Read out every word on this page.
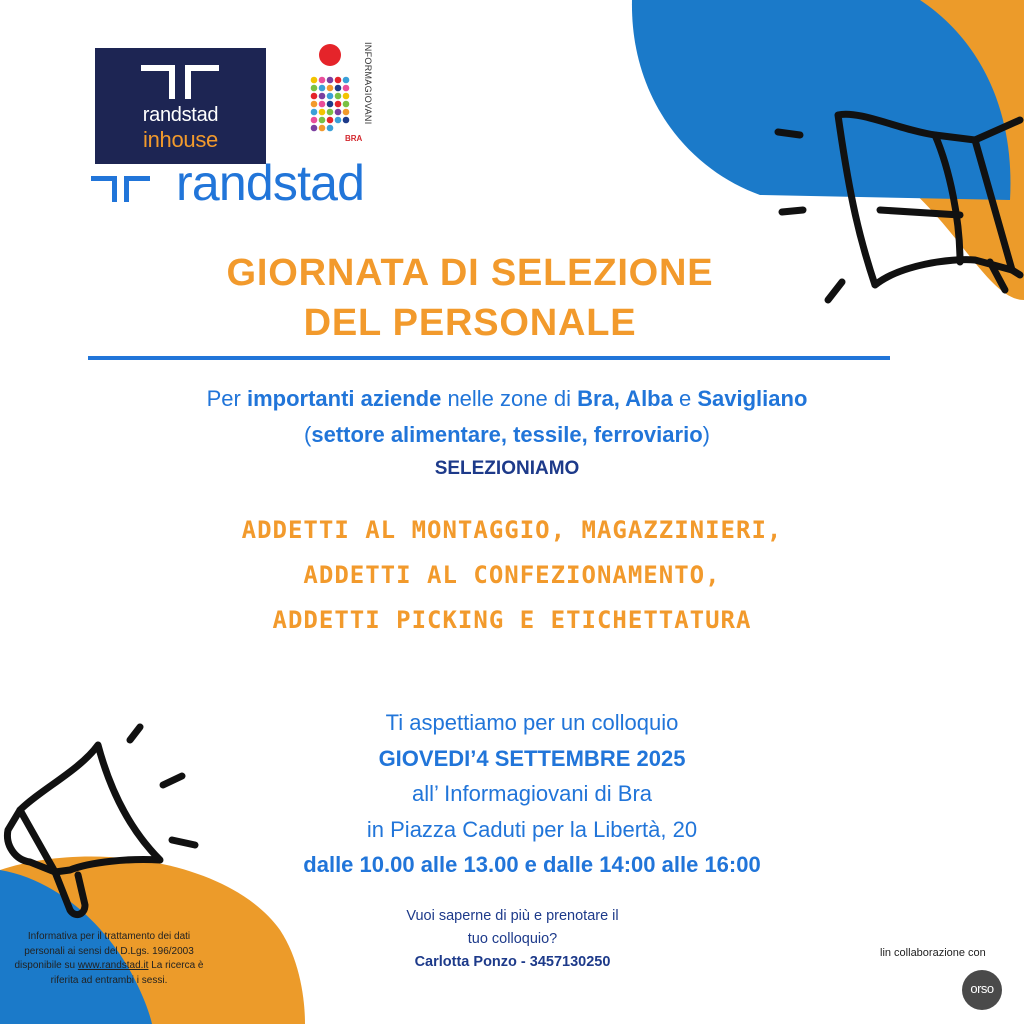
randstad
inhouse
randstad
INFORMAGIOVANI
BRA
GIORNATA DI SELEZIONE
DEL PERSONALE
Per importanti aziende nelle zone di Bra, Alba e Savigliano
(settore alimentare, tessile, ferroviario)
SELEZIONIAMO
ADDETTI AL MONTAGGIO, MAGAZZINIERI,
ADDETTI AL CONFEZIONAMENTO,
ADDETTI PICKING E ETICHETTATURA
Ti aspettiamo per un colloquio
GIOVEDI’4 SETTEMBRE 2025
all’ Informagiovani di Bra
in Piazza Caduti per la Libertà, 20
dalle 10.00 alle 13.00 e dalle 14:00 alle 16:00
Vuoi saperne di più e prenotare il
tuo colloquio?
Carlotta Ponzo - 3457130250
Informativa per il trattamento dei dati personali ai sensi del D.Lgs. 196/2003 disponibile su www.randstad.it La ricerca è riferita ad entrambi i sessi.
lin collaborazione con
orso
